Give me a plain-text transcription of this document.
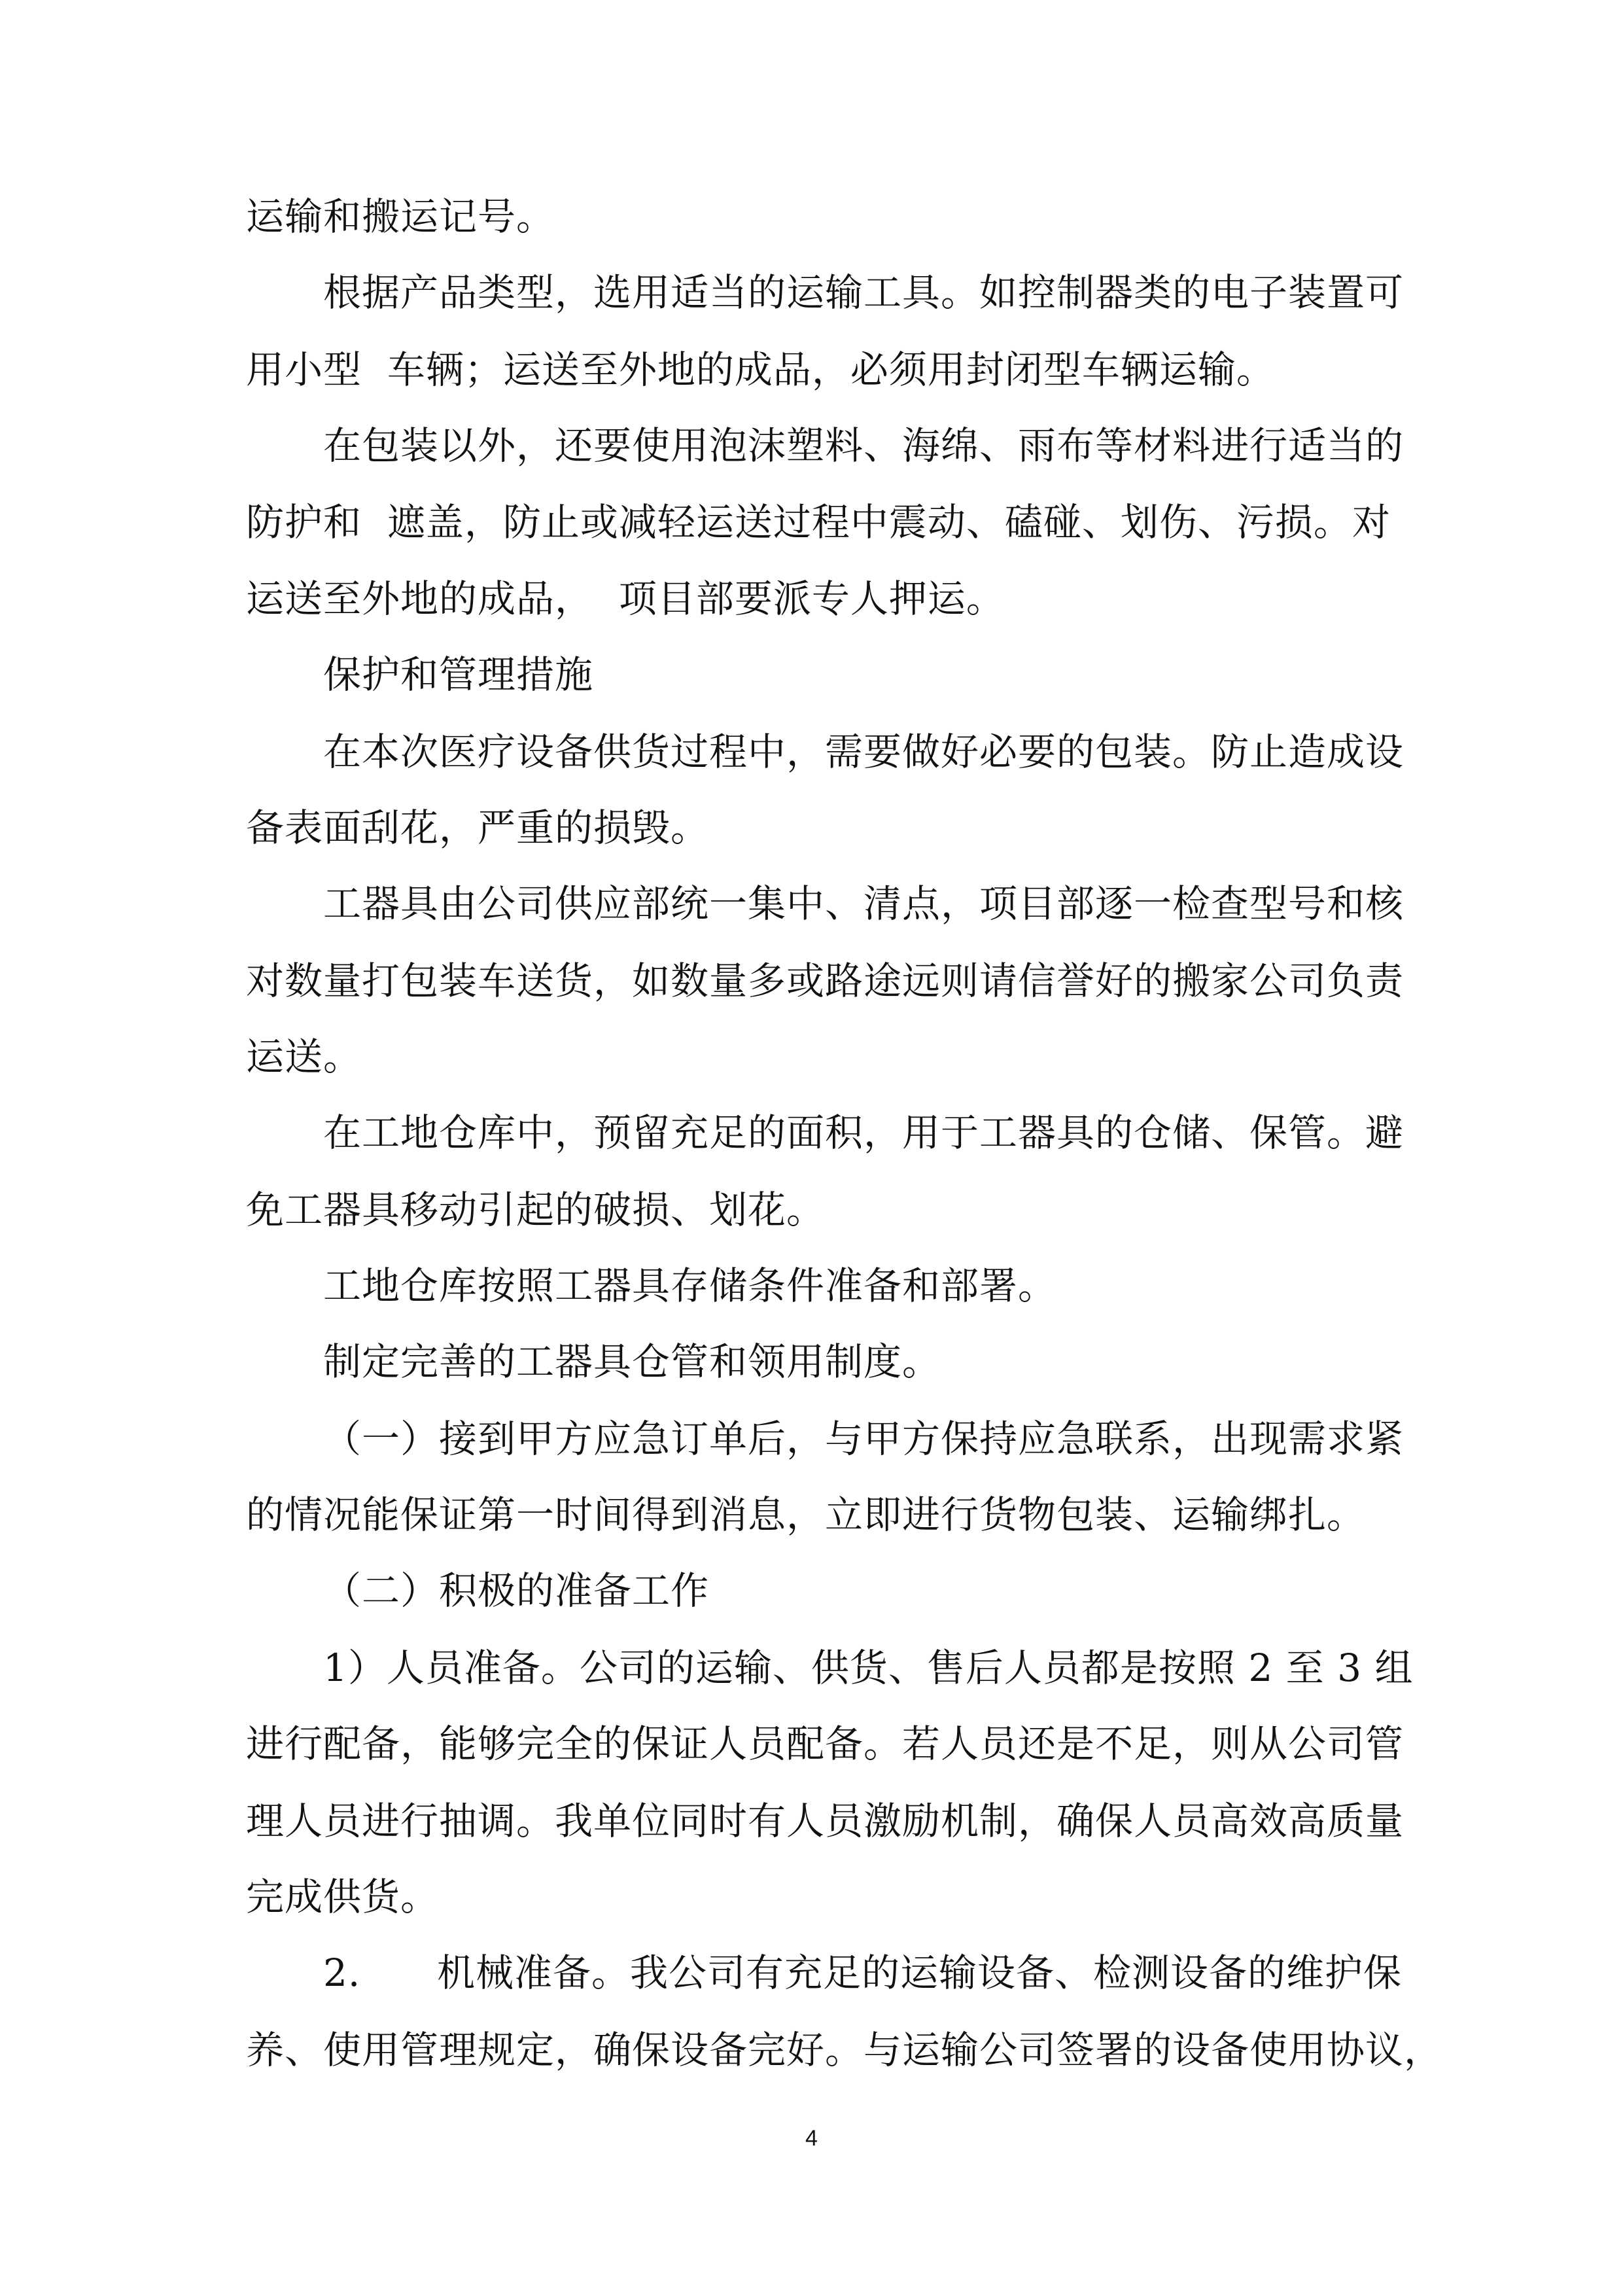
运输和搬运记号。
根据产品类型，选用适当的运输工具。如控制器类的电子装置可
用小型  车辆；运送至外地的成品，必须用封闭型车辆运输。
在包装以外，还要使用泡沫塑料、海绵、雨布等材料进行适当的
防护和  遮盖，防止或减轻运送过程中震动、磕碰、划伤、污损。对
运送至外地的成品，  项目部要派专人押运。
保护和管理措施
在本次医疗设备供货过程中，需要做好必要的包装。防止造成设
备表面刮花，严重的损毁。
工器具由公司供应部统一集中、清点，项目部逐一检查型号和核
对数量打包装车送货，如数量多或路途远则请信誉好的搬家公司负责
运送。
在工地仓库中，预留充足的面积，用于工器具的仓储、保管。避
免工器具移动引起的破损、划花。
工地仓库按照工器具存储条件准备和部署。
制定完善的工器具仓管和领用制度。
（一）接到甲方应急订单后，与甲方保持应急联系，出现需求紧
的情况能保证第一时间得到消息，立即进行货物包装、运输绑扎。
（二）积极的准备工作
1）人员准备。公司的运输、供货、售后人员都是按照 2 至 3 组
进行配备，能够完全的保证人员配备。若人员还是不足，则从公司管
理人员进行抽调。我单位同时有人员激励机制，确保人员高效高质量
完成供货。
2.      机械准备。我公司有充足的运输设备、检测设备的维护保
养、使用管理规定，确保设备完好。与运输公司签署的设备使用协议，
4
